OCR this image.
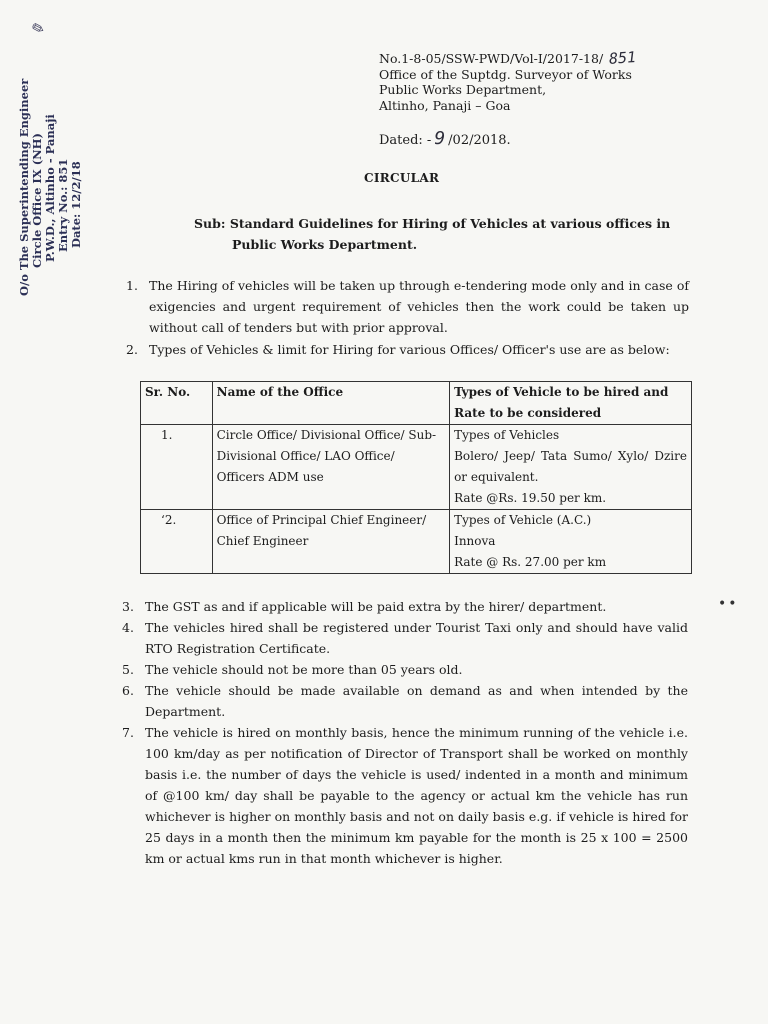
✎
O/o The Superintending Engineer Circle Office IX (NH) P.W.D., Altinho - Panaji Entry No.: 851 Date: 12/2/18
No.1-8-05/SSW-PWD/Vol-I/2017-18/ 851
Office of the Suptdg. Surveyor of Works
Public Works Department,
Altinho, Panaji – Goa
Dated: - 9 /02/2018.
CIRCULAR
Sub: Standard Guidelines for Hiring of Vehicles at various offices in
Public Works Department.
1. The Hiring of vehicles will be taken up through e-tendering mode only and in case of exigencies and urgent requirement of vehicles then the work could be taken up without call of tenders but with prior approval.
2. Types of Vehicles & limit for Hiring for various Offices/ Officer's use are as below:
Sr. No.	Name of the Office	Types of Vehicle to be hired and Rate to be considered
1.	Circle Office/ Divisional Office/ Sub-Divisional Office/ LAO Office/ Officers ADM use	Types of Vehicles
Bolero/ Jeep/ Tata Sumo/ Xylo/ Dzire or equivalent.
Rate @Rs. 19.50 per km.

‘2.	Office of Principal Chief Engineer/ Chief Engineer	Types of Vehicle (A.C.)
Innova
Rate @ Rs. 27.00 per km
3. The GST as and if applicable will be paid extra by the hirer/ department.
4. The vehicles hired shall be registered under Tourist Taxi only and should have valid RTO Registration Certificate.
5. The vehicle should not be more than 05 years old.
6. The vehicle should be made available on demand as and when intended by the Department.
7. The vehicle is hired on monthly basis, hence the minimum running of the vehicle i.e. 100 km/day as per notification of Director of Transport shall be worked on monthly basis i.e. the number of days the vehicle is used/ indented in a month and minimum of @100 km/ day shall be payable to the agency or actual km the vehicle has run whichever is higher on monthly basis and not on daily basis e.g. if vehicle is hired for 25 days in a month then the minimum km payable for the month is 25 x 100 = 2500 km or actual kms run in that month whichever is higher.
••
